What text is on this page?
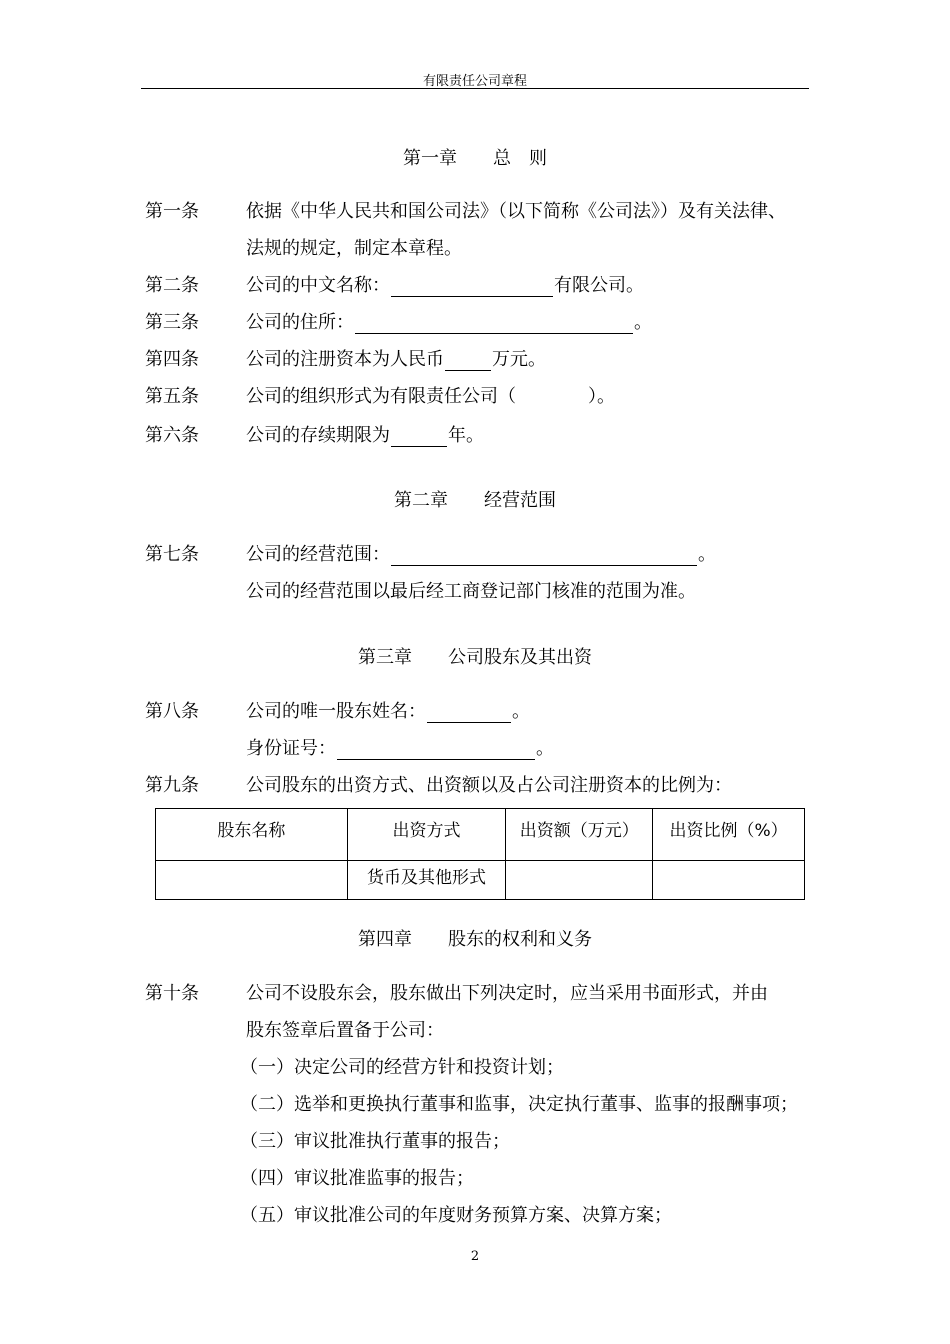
有限责任公司章程
第一章　　总　则
第一条	依据《中华人民共和国公司法》（以下简称《公司法》）及有关法律、
法规的规定，制定本章程。
第二条	公司的中文名称：	有限公司。
第三条	公司的住所：	。
第四条	公司的注册资本为人民币	万元。
第五条	公司的组织形式为有限责任公司（　　　　）。
第六条	公司的存续期限为	年。
第二章　　经营范围
第七条	公司的经营范围：	。
公司的经营范围以最后经工商登记部门核准的范围为准。
第三章　　公司股东及其出资
第八条	公司的唯一股东姓名：	。
身份证号：	。
第九条	公司股东的出资方式、出资额以及占公司注册资本的比例为：
股东名称	出资方式	出资额（万元）	出资比例（%）
	货币及其他形式		
第四章　　股东的权利和义务
第十条	公司不设股东会，股东做出下列决定时，应当采用书面形式，并由
股东签章后置备于公司：
（一）决定公司的经营方针和投资计划；
（二）选举和更换执行董事和监事，决定执行董事、监事的报酬事项；
（三）审议批准执行董事的报告；
（四）审议批准监事的报告；
（五）审议批准公司的年度财务预算方案、决算方案；
2
